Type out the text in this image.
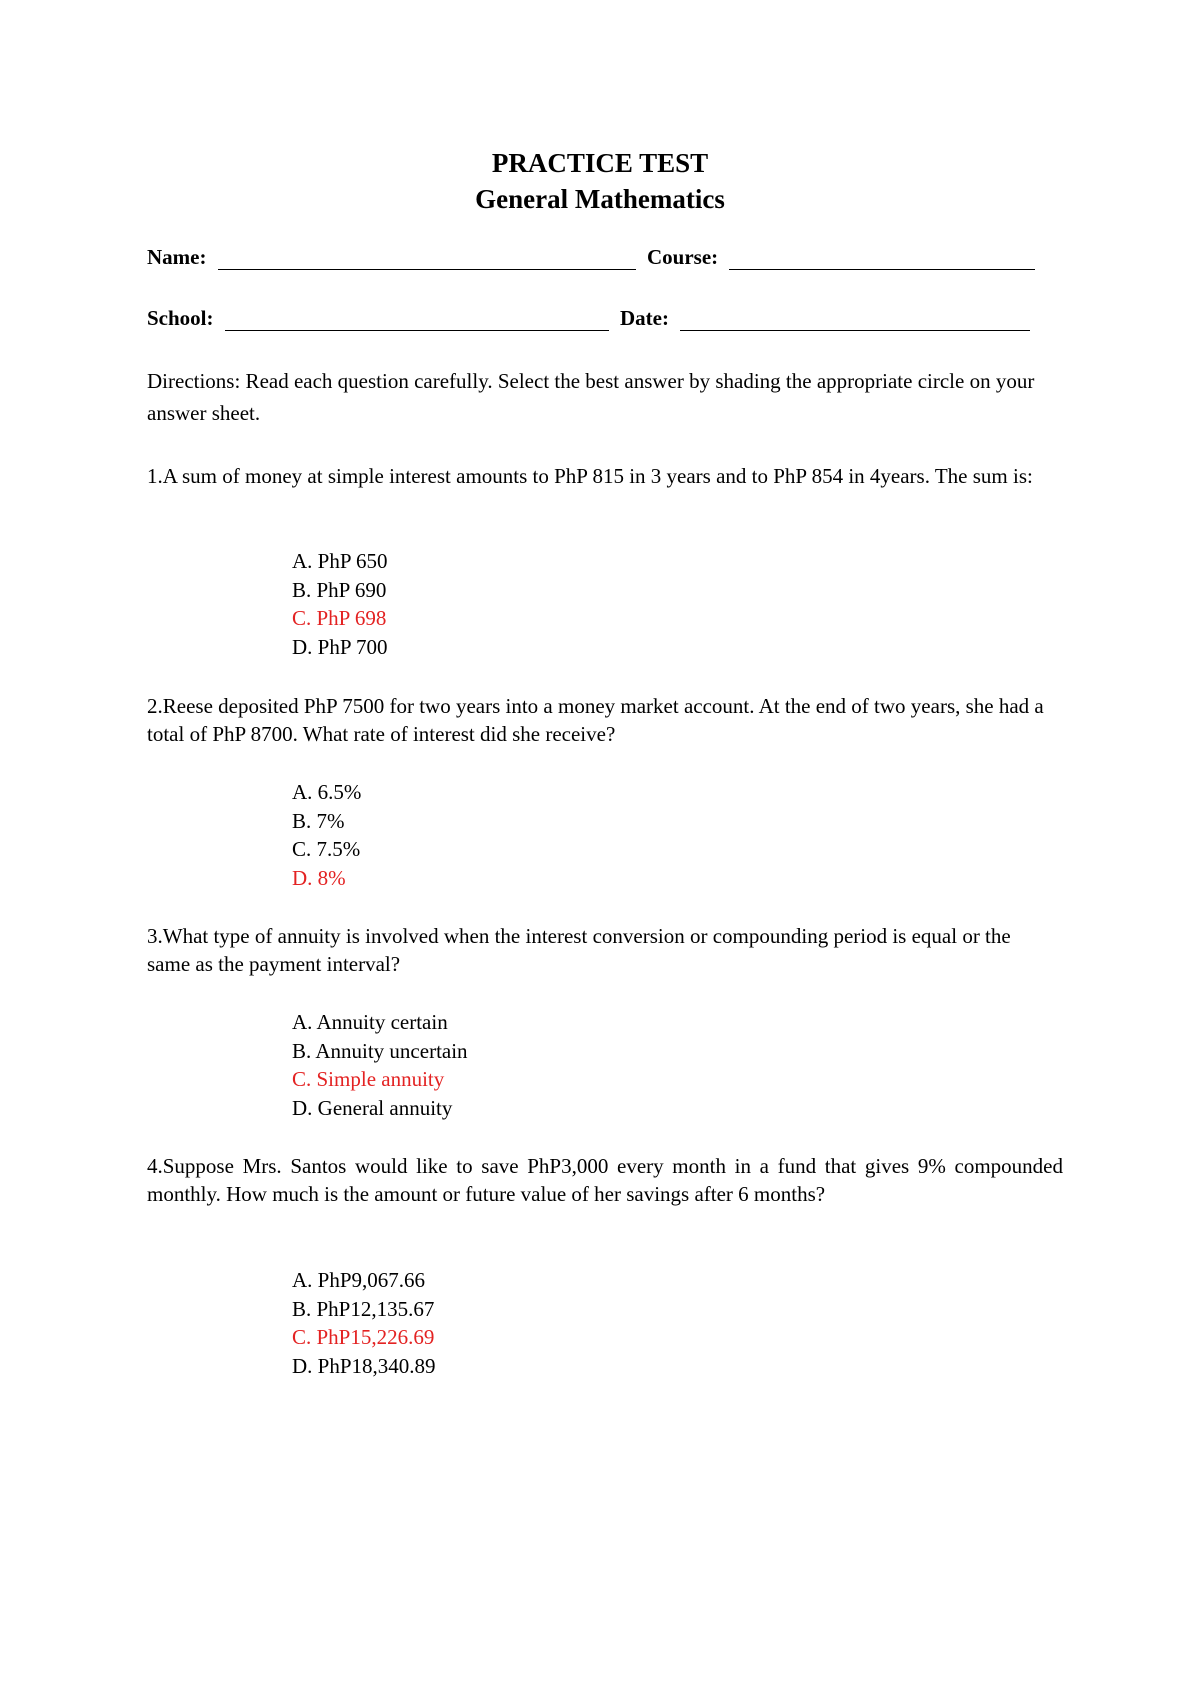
PRACTICE TEST
General Mathematics
Name:	Course:
School:	Date:
Directions: Read each question carefully. Select the best answer by shading the appropriate circle on your answer sheet.
1.A sum of money at simple interest amounts to PhP 815 in 3 years and to PhP 854 in 4years. The sum is:
A. PhP 650
B. PhP 690
C. PhP 698
D. PhP 700
2.Reese deposited PhP 7500 for two years into a money market account. At the end of two years, she had a total of PhP 8700. What rate of interest did she receive?
A. 6.5%
B. 7%
C. 7.5%
D. 8%
3.What type of annuity is involved when the interest conversion or compounding period is equal or the same as the payment interval?
A. Annuity certain
B. Annuity uncertain
C. Simple annuity
D. General annuity
4.Suppose Mrs. Santos would like to save PhP3,000 every month in a fund that gives 9% compounded monthly. How much is the amount or future value of her savings after 6 months?
A. PhP9,067.66
B. PhP12,135.67
C. PhP15,226.69
D. PhP18,340.89
